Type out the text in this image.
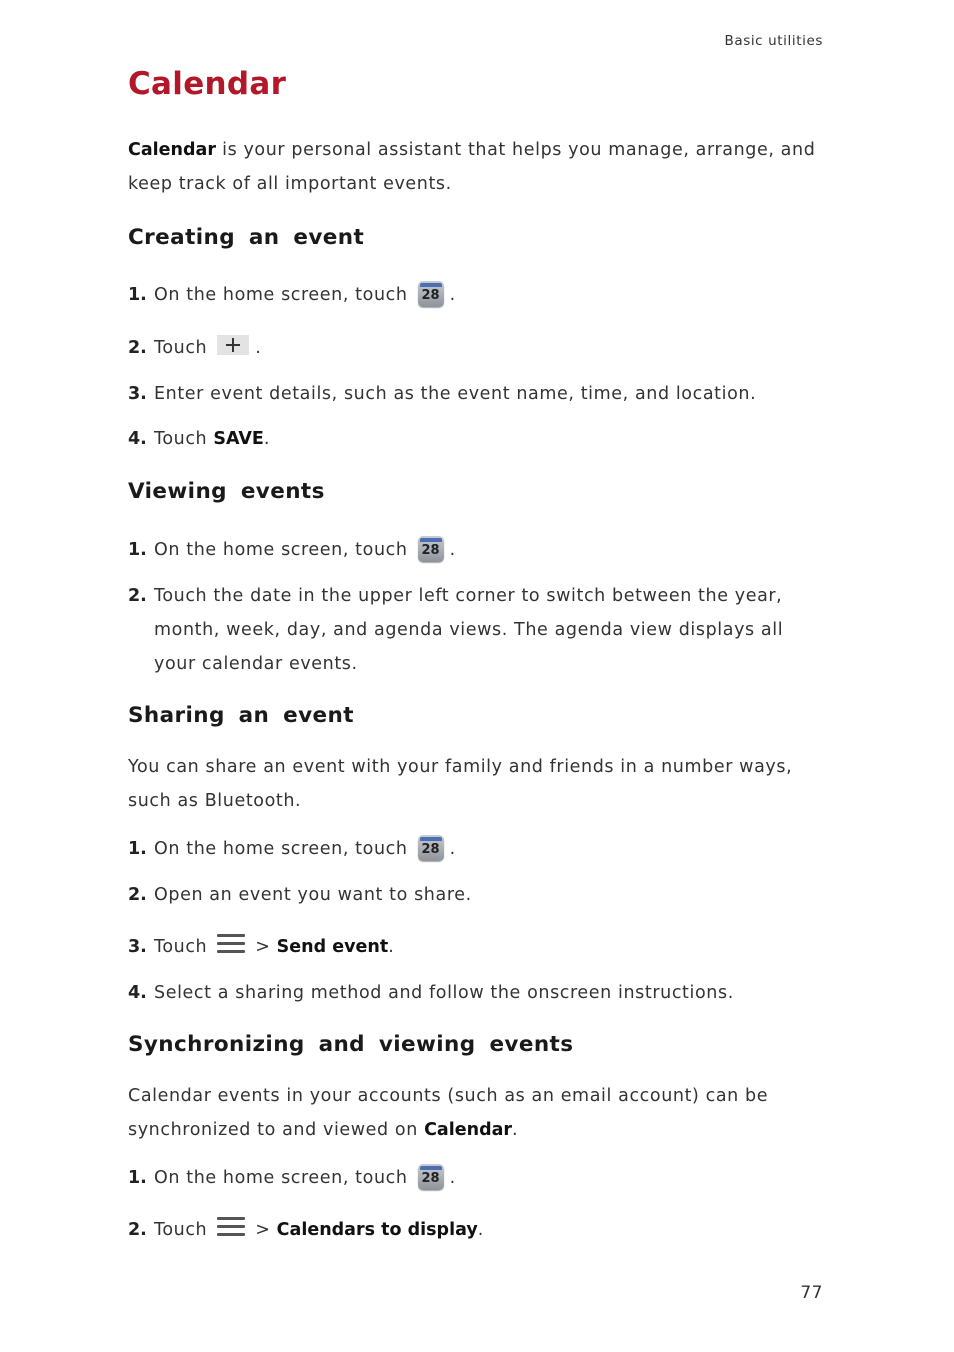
Basic utilities
Calendar

Calendar is your personal assistant that helps you manage, arrange, and keep track of all important events.

Creating an event
1. On the home screen, touch	28 .
2. Touch	.
3. Enter event details, such as the event name, time, and location.
4. Touch SAVE.
Viewing events
1. On the home screen, touch	28 .
2. Touch the date in the upper left corner to switch between the year, month, week, day, and agenda views. The agenda view displays all your calendar events.
Sharing an event

You can share an event with your family and friends in a number ways, such as Bluetooth.

1. On the home screen, touch	28 .
2. Open an event you want to share.
3. Touch	> Send event.
4. Select a sharing method and follow the onscreen instructions.
Synchronizing and viewing events

Calendar events in your accounts (such as an email account) can be synchronized to and viewed on Calendar.

1. On the home screen, touch	28 .
2. Touch	> Calendars to display.
77
